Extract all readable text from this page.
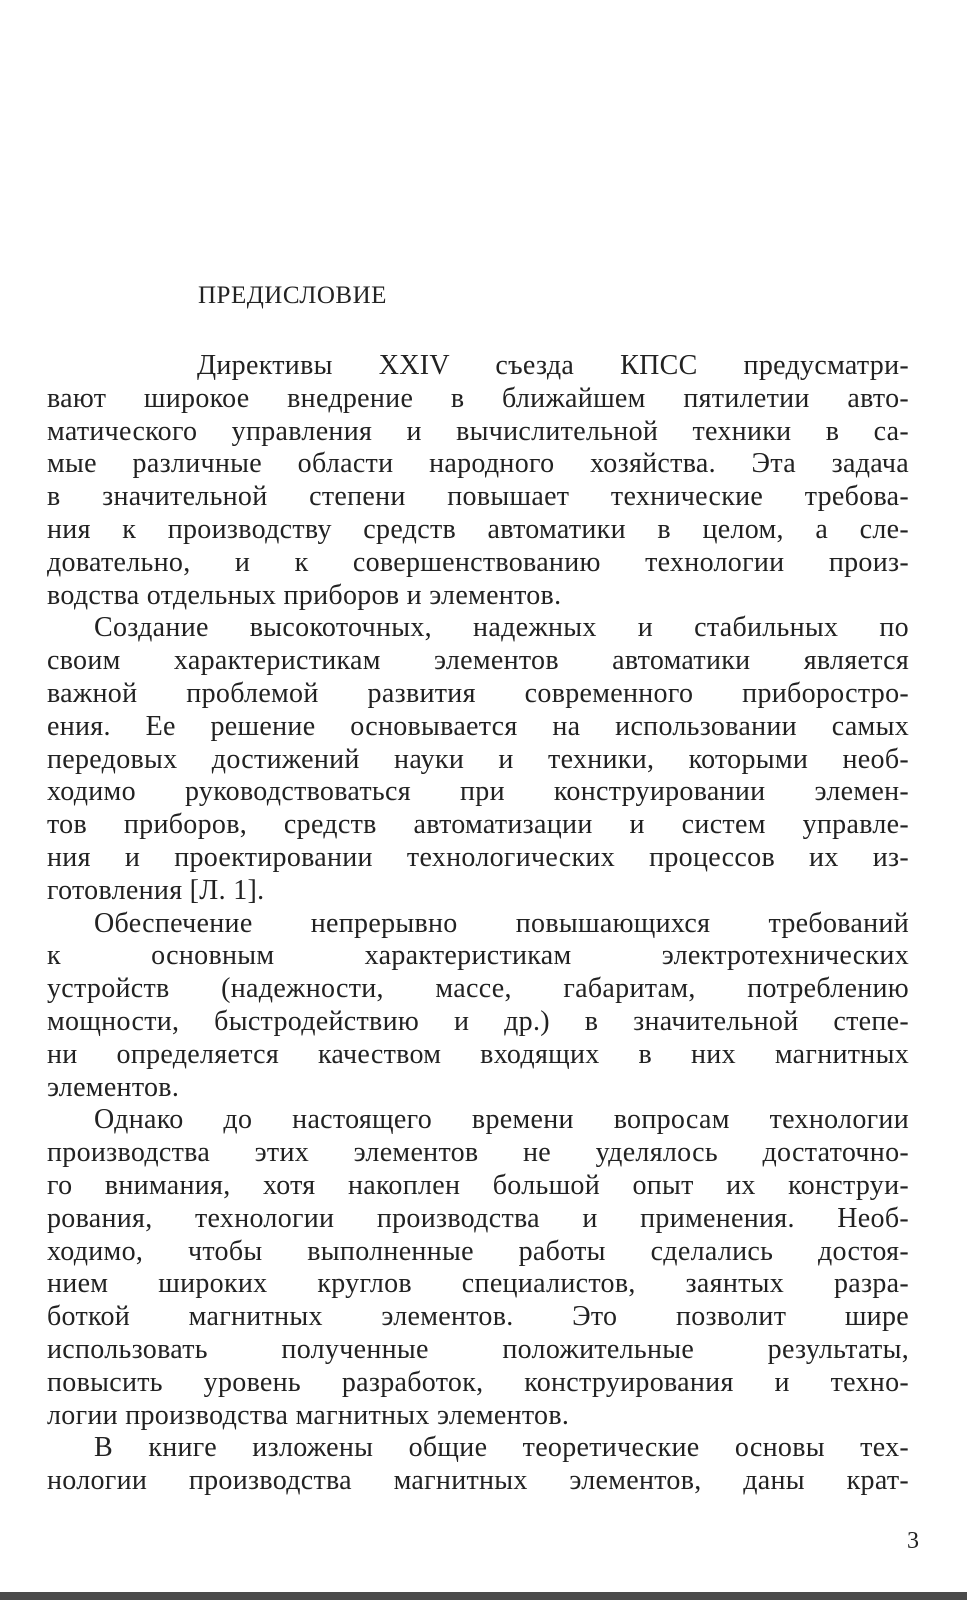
ПРЕДИСЛОВИЕ
Директивы XXIV съезда КПСС предусматри-
вают широкое внедрение в ближайшем пятилетии авто-
матического управления и вычислительной техники в са-
мые различные области народного хозяйства. Эта задача
в значительной степени повышает технические требова-
ния к производству средств автоматики в целом, а сле-
довательно, и к совершенствованию технологии произ-
водства отдельных приборов и элементов.
Создание высокоточных, надежных и стабильных по
своим характеристикам элементов автоматики является
важной проблемой развития современного приборостро-
ения. Ее решение основывается на использовании самых
передовых достижений науки и техники, которыми необ-
ходимо руководствоваться при конструировании элемен-
тов приборов, средств автоматизации и систем управле-
ния и проектировании технологических процессов их из-
готовления [Л. 1].
Обеспечение непрерывно повышающихся требований
к основным характеристикам электротехнических
устройств (надежности, массе, габаритам, потреблению
мощности, быстродействию и др.) в значительной степе-
ни определяется качеством входящих в них магнитных
элементов.
Однако до настоящего времени вопросам технологии
производства этих элементов не уделялось достаточно-
го внимания, хотя накоплен большой опыт их конструи-
рования, технологии производства и применения. Необ-
ходимо, чтобы выполненные работы сделались достоя-
нием широких круглов специалистов, заянтых разра-
боткой магнитных элементов. Это позволит шире
использовать полученные положительные результаты,
повысить уровень разработок, конструирования и техно-
логии производства магнитных элементов.
В книге изложены общие теоретические основы тех-
нологии производства магнитных элементов, даны крат-
3
